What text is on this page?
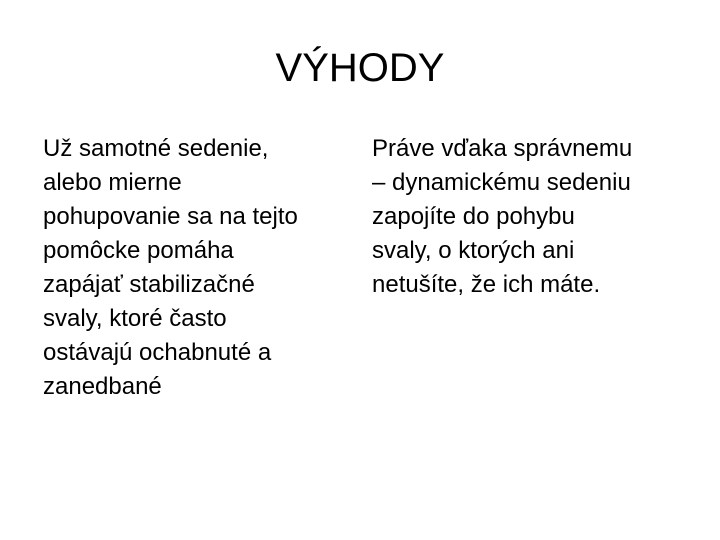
VÝHODY

Už samotné sedenie,
alebo mierne
pohupovanie sa na tejto
pomôcke pomáha
zapájať stabilizačné
svaly, ktoré často
ostávajú ochabnuté a
zanedbané

Práve vďaka správnemu
– dynamickému sedeniu
zapojíte do pohybu
svaly, o ktorých ani
netušíte, že ich máte.
